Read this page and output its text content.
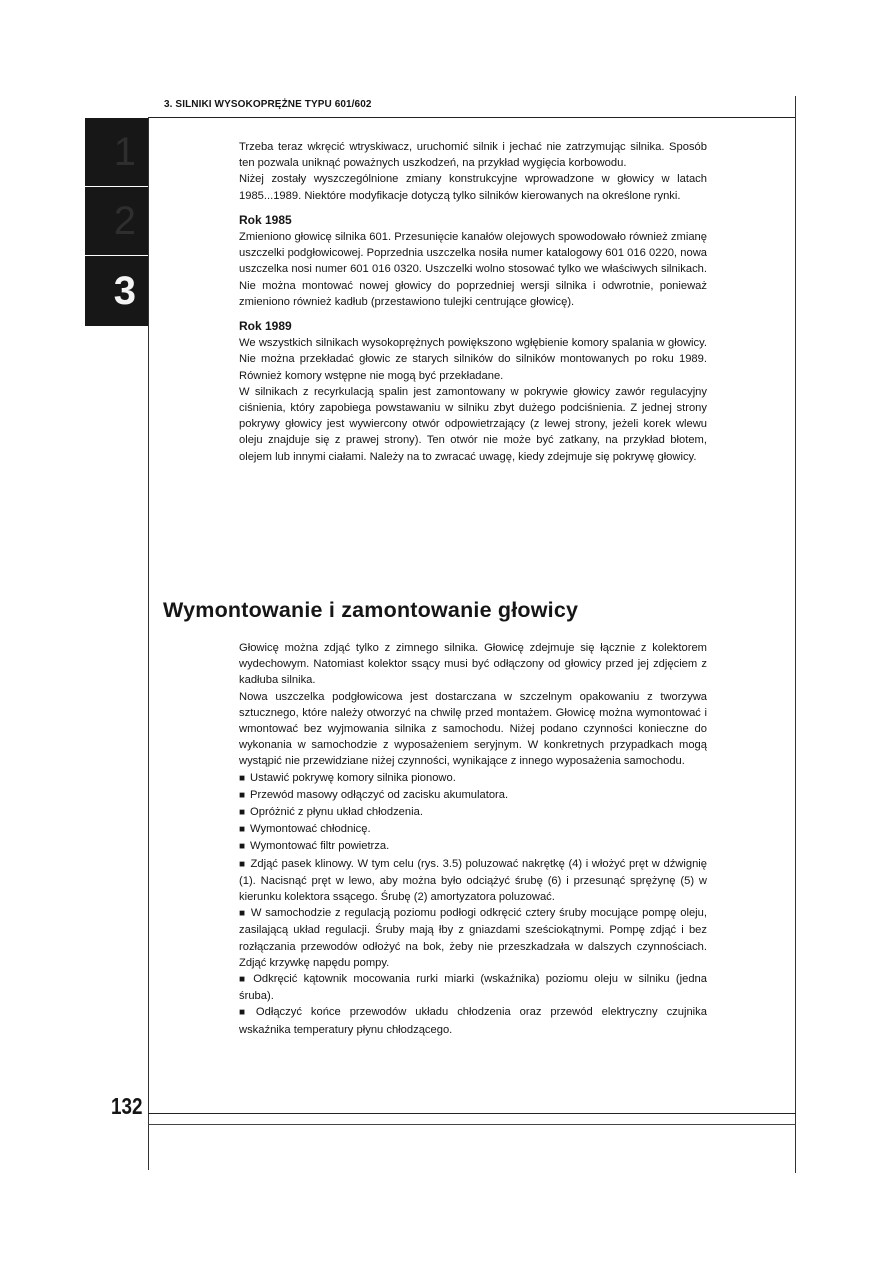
3. SILNIKI WYSOKOPRĘŻNE TYPU 601/602
1
2
3

Trzeba teraz wkręcić wtryskiwacz, uruchomić silnik i jechać nie zatrzymując silnika. Sposób ten pozwala uniknąć poważnych uszkodzeń, na przykład wygięcia korbowodu.

Niżej zostały wyszczególnione zmiany konstrukcyjne wprowadzone w głowicy w latach 1985...1989. Niektóre modyfikacje dotyczą tylko silników kierowanych na określone rynki.

Rok 1985

Zmieniono głowicę silnika 601. Przesunięcie kanałów olejowych spowodowało również zmianę uszczelki podgłowicowej. Poprzednia uszczelka nosiła numer katalogowy 601 016 0220, nowa uszczelka nosi numer 601 016 0320. Uszczelki wolno stosować tylko we właściwych silnikach. Nie można montować nowej głowicy do poprzedniej wersji silnika i odwrotnie, ponieważ zmieniono również kadłub (przestawiono tulejki centrujące głowicę).

Rok 1989

We wszystkich silnikach wysokoprężnych powiększono wgłębienie komory spalania w głowicy. Nie można przekładać głowic ze starych silników do silników montowanych po roku 1989. Również komory wstępne nie mogą być przekładane.

W silnikach z recyrkulacją spalin jest zamontowany w pokrywie głowicy zawór regulacyjny ciśnienia, który zapobiega powstawaniu w silniku zbyt dużego podciśnienia. Z jednej strony pokrywy głowicy jest wywiercony otwór odpowietrzający (z lewej strony, jeżeli korek wlewu oleju znajduje się z prawej strony). Ten otwór nie może być zatkany, na przykład błotem, olejem lub innymi ciałami. Należy na to zwracać uwagę, kiedy zdejmuje się pokrywę głowicy.

Wymontowanie i zamontowanie głowicy

Głowicę można zdjąć tylko z zimnego silnika. Głowicę zdejmuje się łącznie z kolektorem wydechowym. Natomiast kolektor ssący musi być odłączony od głowicy przed jej zdjęciem z kadłuba silnika.

Nowa uszczelka podgłowicowa jest dostarczana w szczelnym opakowaniu z tworzywa sztucznego, które należy otworzyć na chwilę przed montażem. Głowicę można wymontować i wmontować bez wyjmowania silnika z samochodu. Niżej podano czynności konieczne do wykonania w samochodzie z wyposażeniem seryjnym. W konkretnych przypadkach mogą wystąpić nie przewidziane niżej czynności, wynikające z innego wyposażenia samochodu.

■ Ustawić pokrywę komory silnika pionowo.

■ Przewód masowy odłączyć od zacisku akumulatora.

■ Opróżnić z płynu układ chłodzenia.

■ Wymontować chłodnicę.

■ Wymontować filtr powietrza.

■ Zdjąć pasek klinowy. W tym celu (rys. 3.5) poluzować nakrętkę (4) i włożyć pręt w dźwignię (1). Nacisnąć pręt w lewo, aby można było odciążyć śrubę (6) i przesunąć sprężynę (5) w kierunku kolektora ssącego. Śrubę (2) amortyzatora poluzować.

■ W samochodzie z regulacją poziomu podłogi odkręcić cztery śruby mocujące pompę oleju, zasilającą układ regulacji. Śruby mają łby z gniazdami sześciokątnymi. Pompę zdjąć i bez rozłączania przewodów odłożyć na bok, żeby nie przeszkadzała w dalszych czynnościach. Zdjąć krzywkę napędu pompy.

■ Odkręcić kątownik mocowania rurki miarki (wskaźnika) poziomu oleju w silniku (jedna śruba).

■ Odłączyć końce przewodów układu chłodzenia oraz przewód elektryczny czujnika wskaźnika temperatury płynu chłodzącego.

132
